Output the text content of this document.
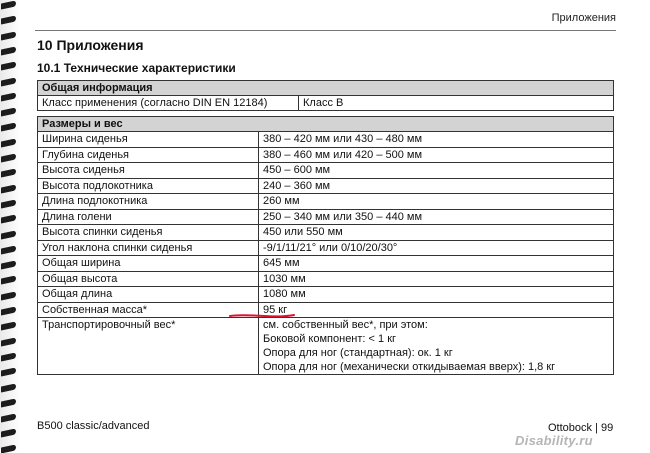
Приложения
10 Приложения
10.1 Технические характеристики
Общая информация
Класс применения (согласно DIN EN 12184)	Класс B
Размеры и вес	
Ширина сиденья	380 – 420 мм или 430 – 480 мм
Глубина сиденья	380 – 460 мм или 420 – 500 мм
Высота сиденья	450 – 600 мм
Высота подлокотника	240 – 360 мм
Длина подлокотника	260 мм
Длина голени	250 – 340 мм или 350 – 440 мм
Высота спинки сиденья	450 или 550 мм
Угол наклона спинки сиденья	-9/1/11/21° или 0/10/20/30°
Общая ширина	645 мм
Общая высота	1030 мм
Общая длина	1080 мм
Собственная масса*	95 кг
Транспортировочный вес*	см. собственный вес*, при этом:
Боковой компонент: < 1 кг
Опора для ног (стандартная): ок. 1 кг
Опора для ног (механически откидываемая вверх): 1,8 кг
B500 classic/advanced	Ottobock | 99
Disability.ru
